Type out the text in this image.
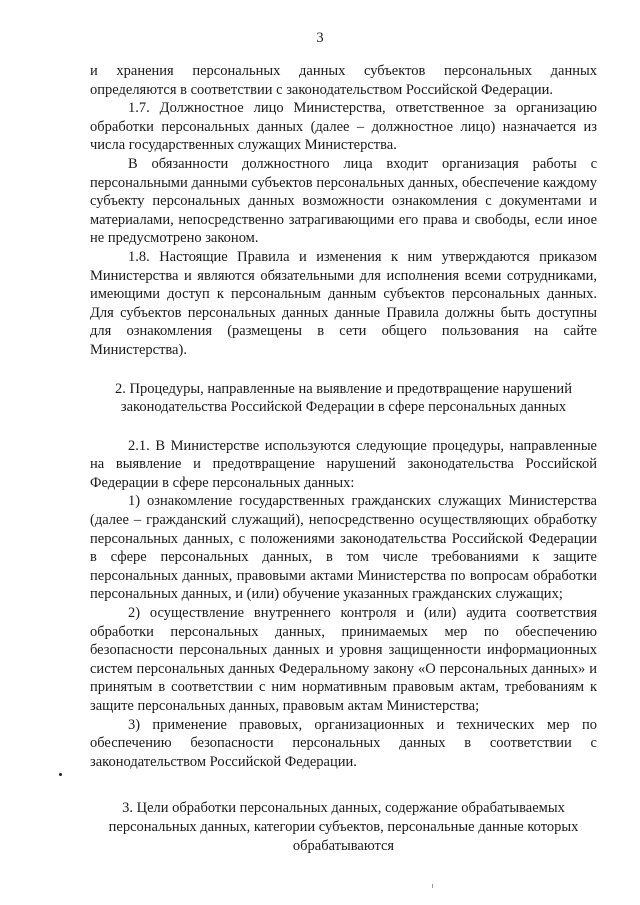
3

и хранения персональных данных субъектов персональных данных определяются в соответствии с законодательством Российской Федерации.

1.7. Должностное лицо Министерства, ответственное за организацию обработки персональных данных (далее – должностное лицо) назначается из числа государственных служащих Министерства.

В обязанности должностного лица входит организация работы с персональными данными субъектов персональных данных, обеспечение каждому субъекту персональных данных возможности ознакомления с документами и материалами, непосредственно затрагивающими его права и свободы, если иное не предусмотрено законом.

1.8. Настоящие Правила и изменения к ним утверждаются приказом Министерства и являются обязательными для исполнения всеми сотрудниками, имеющими доступ к персональным данным субъектов персональных данных. Для субъектов персональных данных данные Правила должны быть доступны для ознакомления (размещены в сети общего пользования на сайте Министерства).

2. Процедуры, направленные на выявление и предотвращение нарушений законодательства Российской Федерации в сфере персональных данных

2.1. В Министерстве используются следующие процедуры, направленные на выявление и предотвращение нарушений законодательства Российской Федерации в сфере персональных данных:

1) ознакомление государственных гражданских служащих Министерства (далее – гражданский служащий), непосредственно осуществляющих обработку персональных данных, с положениями законодательства Российской Федерации в сфере персональных данных, в том числе требованиями к защите персональных данных, правовыми актами Министерства по вопросам обработки персональных данных, и (или) обучение указанных гражданских служащих;

2) осуществление внутреннего контроля и (или) аудита соответствия обработки персональных данных, принимаемых мер по обеспечению безопасности персональных данных и уровня защищенности информационных систем персональных данных Федеральному закону «О персональных данных» и принятым в соответствии с ним нормативным правовым актам, требованиям к защите персональных данных, правовым актам Министерства;

3) применение правовых, организационных и технических мер по обеспечению безопасности персональных данных в соответствии с законодательством Российской Федерации.

3. Цели обработки персональных данных, содержание обрабатываемых персональных данных, категории субъектов, персональные данные которых обрабатываются
